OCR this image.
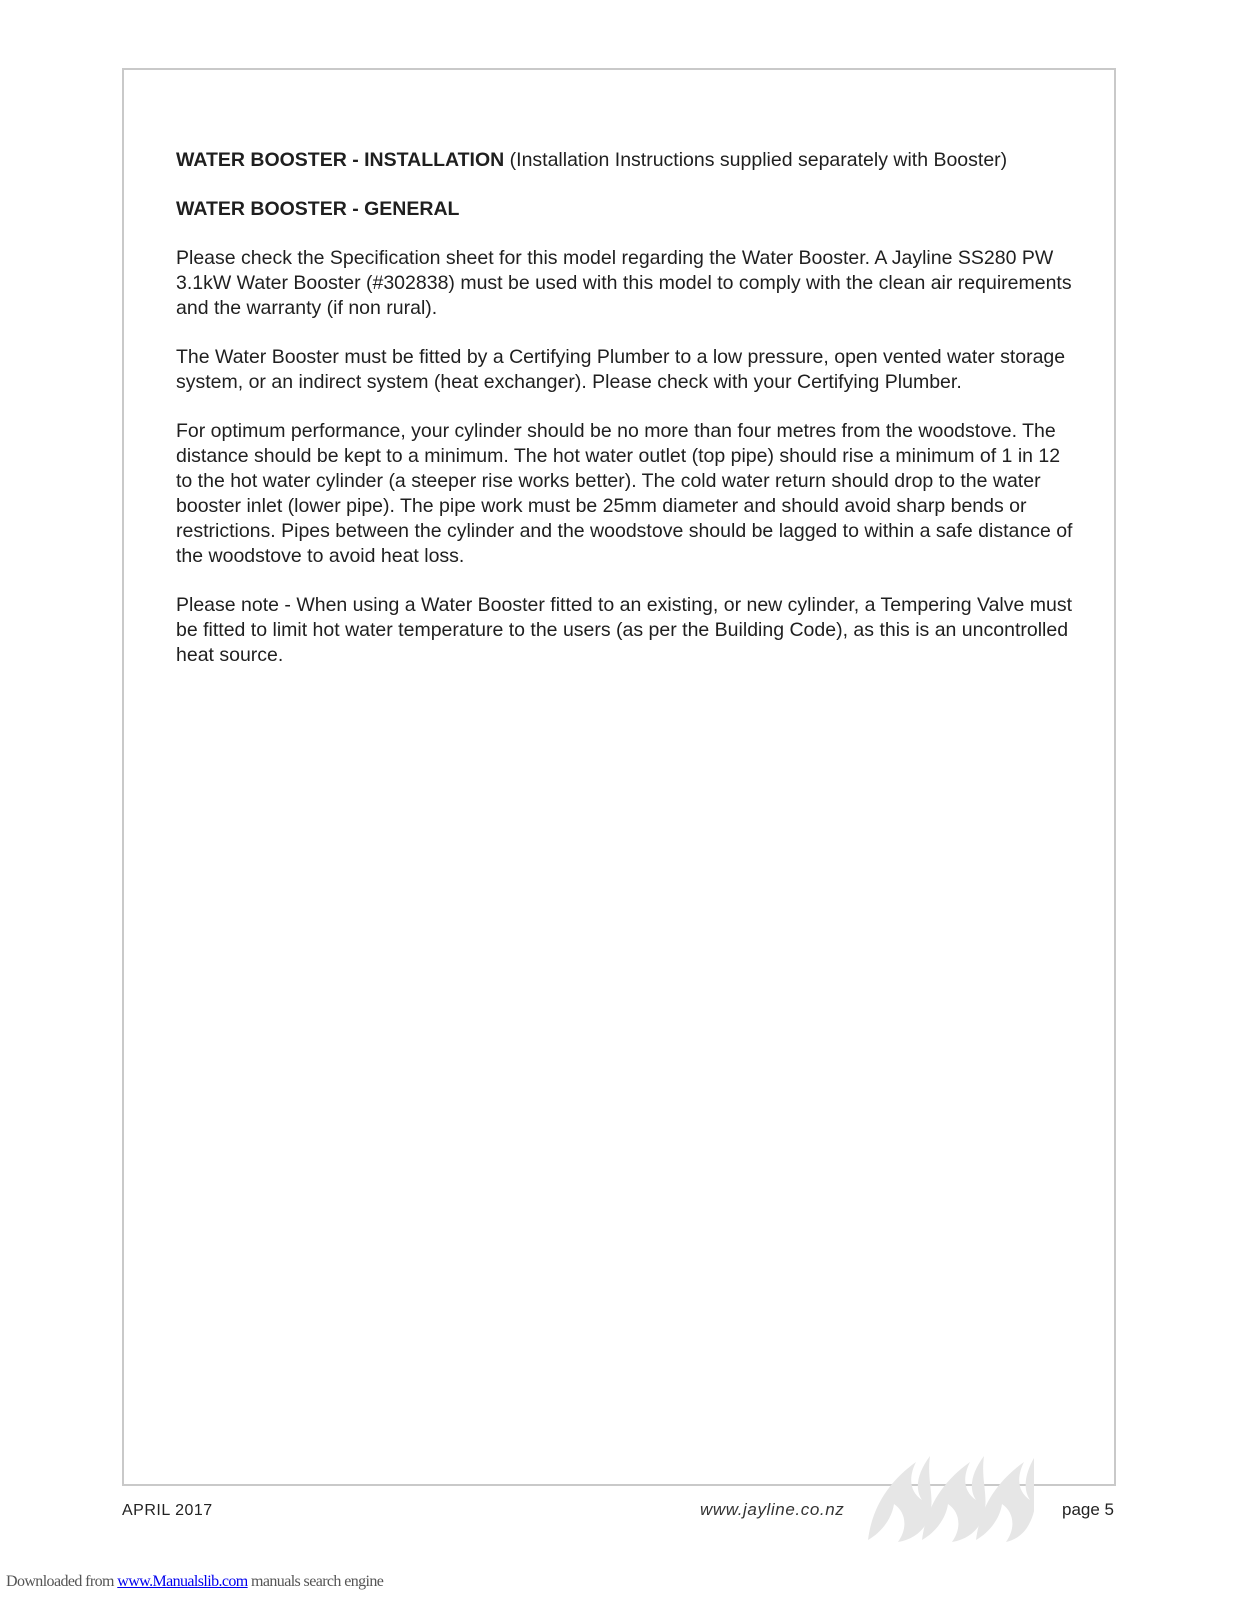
WATER BOOSTER - INSTALLATION (Installation Instructions supplied separately with Booster)

WATER BOOSTER - GENERAL

Please check the Specification sheet for this model regarding the Water Booster. A Jayline SS280 PW 3.1kW Water Booster (#302838) must be used with this model to comply with the clean air requirements and the warranty (if non rural).

The Water Booster must be fitted by a Certifying Plumber to a low pressure, open vented water storage system, or an indirect system (heat exchanger). Please check with your Certifying Plumber.

For optimum performance, your cylinder should be no more than four metres from the woodstove. The distance should be kept to a minimum. The hot water outlet (top pipe) should rise a minimum of 1 in 12 to the hot water cylinder (a steeper rise works better). The cold water return should drop to the water booster inlet (lower pipe). The pipe work must be 25mm diameter and should avoid sharp bends or restrictions. Pipes between the cylinder and the woodstove should be lagged to within a safe distance of the woodstove to avoid heat loss.

Please note - When using a Water Booster fitted to an existing, or new cylinder, a Tempering Valve must be fitted to limit hot water temperature to the users (as per the Building Code), as this is an uncontrolled heat source.

APRIL 2017	www.jayline.co.nz	page 5
Downloaded from www.Manualslib.com manuals search engine
